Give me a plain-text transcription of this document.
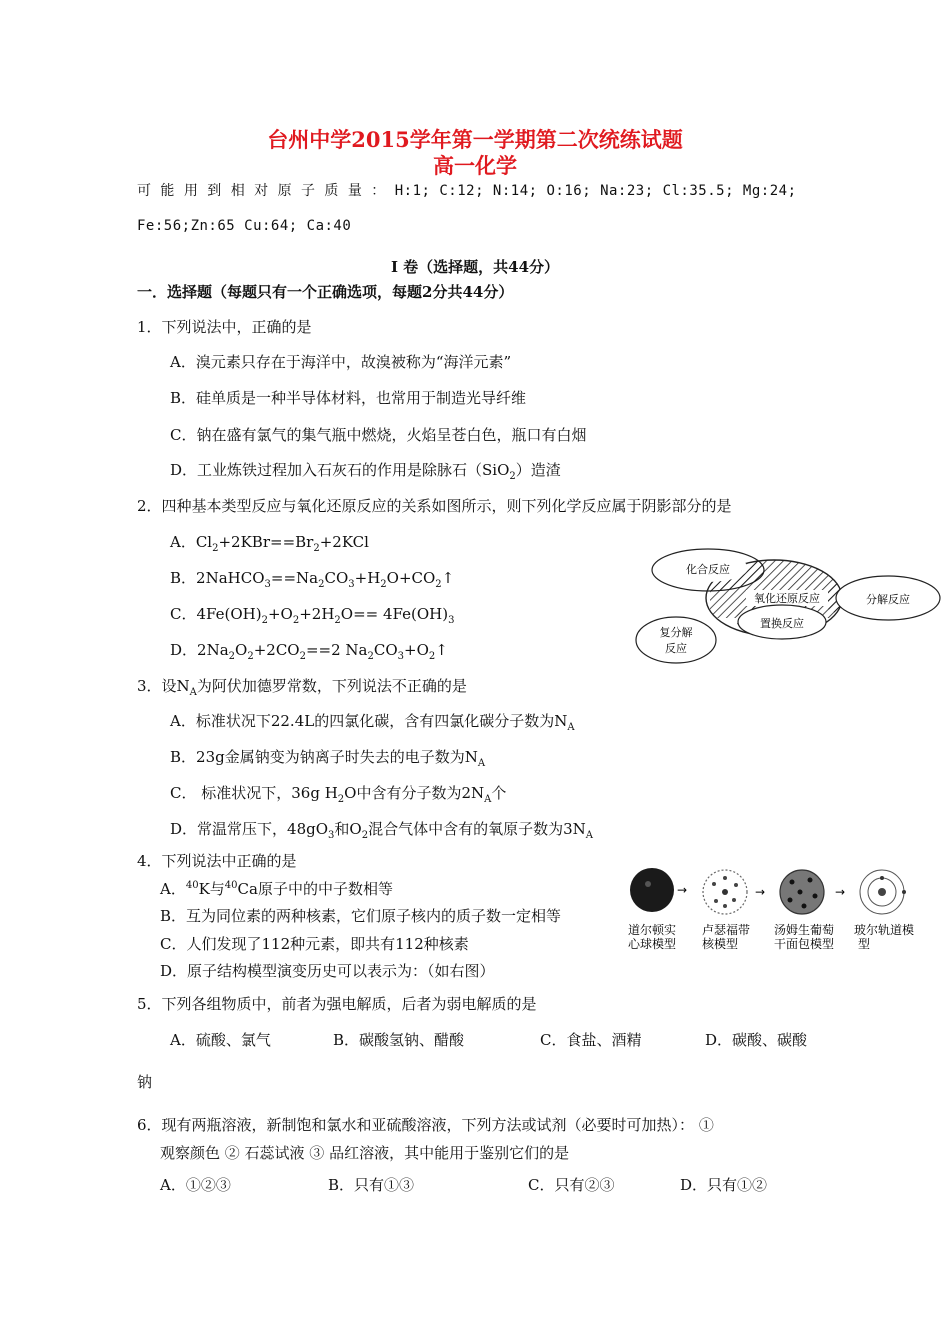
台州中学2015学年第一学期第二次统练试题
高一化学
可 能 用 到 相 对 原 子 质 量 ： H:1; C:12; N:14; O:16; Na:23; Cl:35.5; Mg:24;
Fe:56;Zn:65 Cu:64; Ca:40
Ⅰ 卷（选择题，共44分）
一．选择题（每题只有一个正确选项，每题2分共44分）
1．下列说法中，正确的是
A．溴元素只存在于海洋中，故溴被称为“海洋元素”
B．硅单质是一种半导体材料，也常用于制造光导纤维
C．钠在盛有氯气的集气瓶中燃烧，火焰呈苍白色，瓶口有白烟
D．工业炼铁过程加入石灰石的作用是除脉石（SiO$_2$）造渣
2．四种基本类型反应与氧化还原反应的关系如图所示，则下列化学反应属于阴影部分的是
A．$Cl_2+2KBr==Br_2+2KCl$
B．$2NaHCO_3==Na_2CO_3+H_2O+CO_2↑$
C．$4Fe(OH)_2+O_2+2H_2O== 4Fe(OH)_3$
D．$2Na_2O_2+2CO_2==2$ $Na_2CO_3+O_2↑$
化合反应
氧化还原反应	分解反应
置换反应
复分解
反应
3．设$N_A$为阿伏加德罗常数，下列说法不正确的是
A．标准状况下22.4L的四氯化碳，含有四氯化碳分子数为$N_A$
B．23g金属钠变为钠离子时失去的电子数为$N_A$
C． 标准状况下，36g $H_2O$中含有分子数为$2N_A$个
D．常温常压下，$48gO_3$和$O_2$混合气体中含有的氧原子数为$3N_A$
4．下列说法中正确的是
A．$^{40}$K与$^{40}$Ca原子中的中子数相等
B．互为同位素的两种核素，它们原子核内的质子数一定相等
C．人们发现了112种元素，即共有112种核素
D．原子结构模型演变历史可以表示为：（如右图）
→	→	→
道尔顿实
心球模型
卢瑟福带
核模型
汤姆生葡萄
干面包模型
玻尔轨道模
型
5．下列各组物质中，前者为强电解质，后者为弱电解质的是
A．硫酸、氯气	B．碳酸氢钠、醋酸	C．食盐、酒精	D．碳酸、碳酸
钠
6．现有两瓶溶液，新制饱和氯水和亚硫酸溶液，下列方法或试剂（必要时可加热）： ①
观察颜色 ② 石蕊试液 ③ 品红溶液，其中能用于鉴别它们的是
A．①②③	B．只有①③	C．只有②③	D．只有①②
